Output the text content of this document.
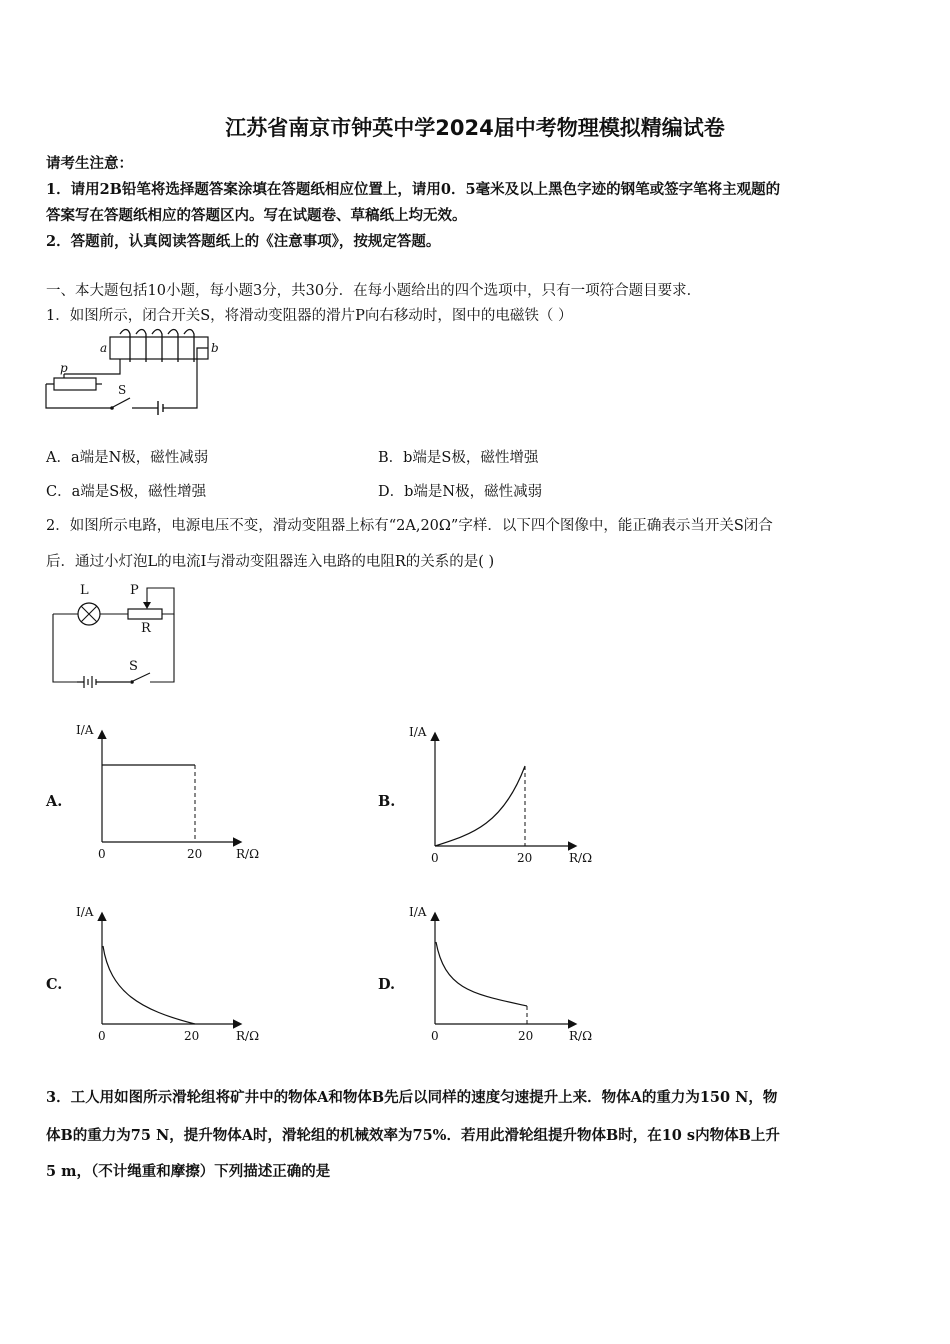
江苏省南京市钟英中学2024届中考物理模拟精编试卷
请考生注意：
1．请用2B铅笔将选择题答案涂填在答题纸相应位置上，请用0．5毫米及以上黑色字迹的钢笔或签字笔将主观题的
答案写在答题纸相应的答题区内。写在试题卷、草稿纸上均无效。
2．答题前，认真阅读答题纸上的《注意事项》，按规定答题。
一、本大题包括10小题，每小题3分，共30分．在每小题给出的四个选项中，只有一项符合题目要求．
1．如图所示，闭合开关S，将滑动变阻器的滑片P向右移动时，图中的电磁铁（ ）
a	b
p
S
A．a端是N极，磁性减弱	B．b端是S极，磁性增强
C．a端是S极，磁性增强	D．b端是N极，磁性减弱
2．如图所示电路，电源电压不变，滑动变阻器上标有“2A,20Ω”字样．以下四个图像中，能正确表示当开关S闭合
后．通过小灯泡L的电流I与滑动变阻器连入电路的电阻R的关系的是( )
L	P
R
S
A.	B.
C.	D.
I/A
R/Ω
0	20
I/A
R/Ω
0	20
I/A
R/Ω
0	20
I/A
R/Ω
0	20
3．工人用如图所示滑轮组将矿井中的物体A和物体B先后以同样的速度匀速提升上来．物体A的重力为150 N，物
体B的重力为75 N，提升物体A时，滑轮组的机械效率为75%．若用此滑轮组提升物体B时，在10 s内物体B上升
5 m，（不计绳重和摩擦）下列描述正确的是
